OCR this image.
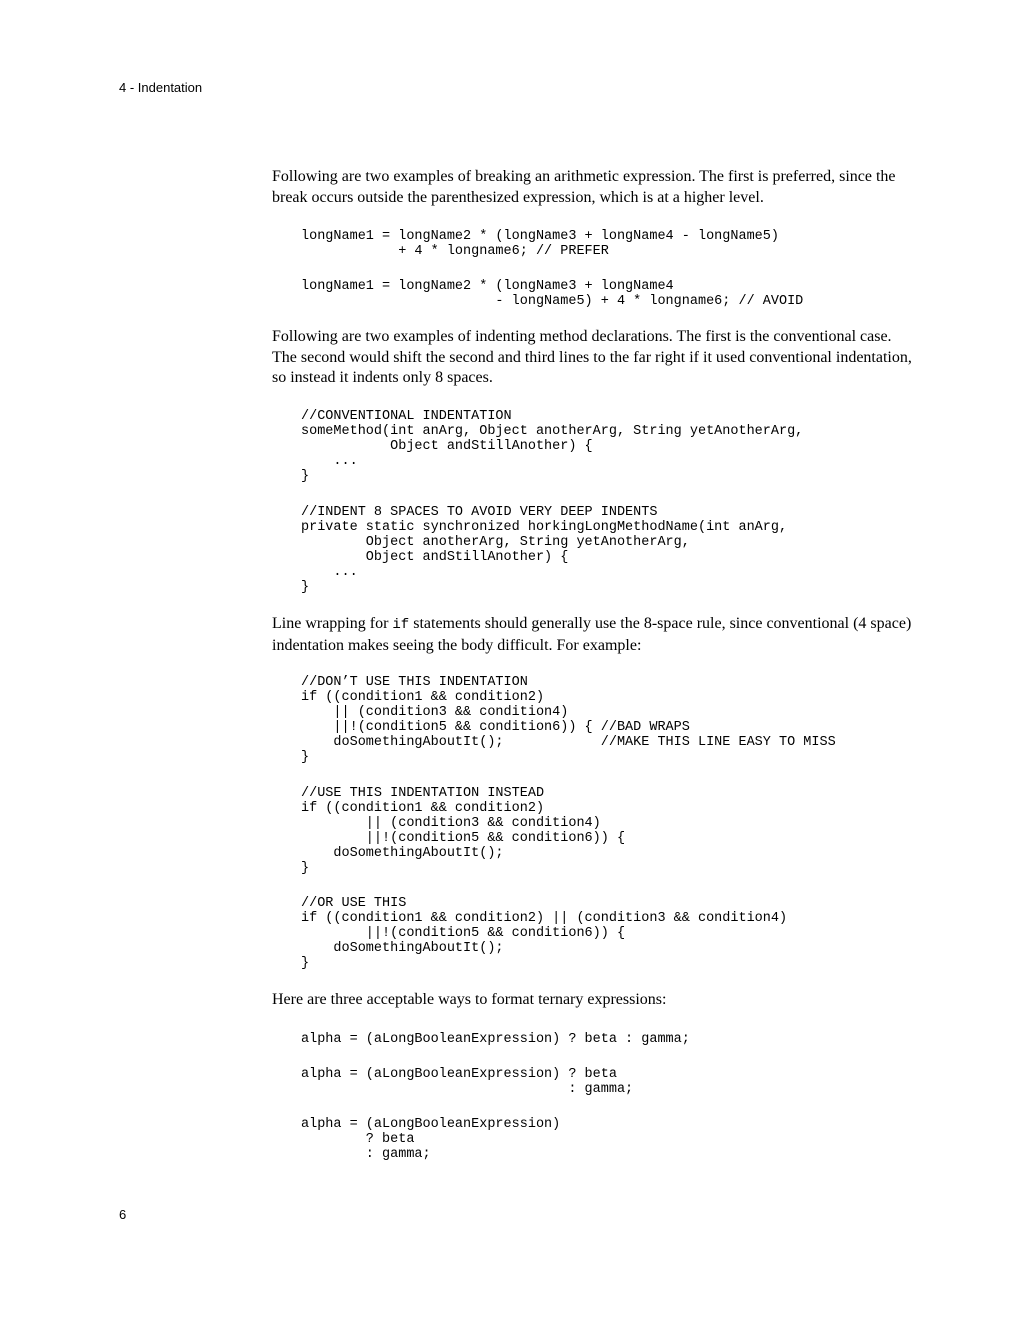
4 - Indentation

Following are two examples of breaking an arithmetic expression. The first is preferred, since the break occurs outside the parenthesized expression, which is at a higher level.

longName1 = longName2 * (longName3 + longName4 - longName5)
+ 4 * longname6; // PREFER
longName1 = longName2 * (longName3 + longName4
- longName5) + 4 * longname6; // AVOID

Following are two examples of indenting method declarations. The first is the conventional case. The second would shift the second and third lines to the far right if it used conventional indentation, so instead it indents only 8 spaces.

//CONVENTIONAL INDENTATION
someMethod(int anArg, Object anotherArg, String yetAnotherArg,
Object andStillAnother) {
...
}
//INDENT 8 SPACES TO AVOID VERY DEEP INDENTS
private static synchronized horkingLongMethodName(int anArg,
Object anotherArg, String yetAnotherArg,
Object andStillAnother) {
...
}

Line wrapping for if statements should generally use the 8-space rule, since conventional (4 space) indentation makes seeing the body difficult. For example:

//DON’T USE THIS INDENTATION
if ((condition1 && condition2)
|| (condition3 && condition4)
||!(condition5 && condition6)) { //BAD WRAPS
doSomethingAboutIt();            //MAKE THIS LINE EASY TO MISS
}
//USE THIS INDENTATION INSTEAD
if ((condition1 && condition2)
|| (condition3 && condition4)
||!(condition5 && condition6)) {
doSomethingAboutIt();
}
//OR USE THIS
if ((condition1 && condition2) || (condition3 && condition4)
||!(condition5 && condition6)) {
doSomethingAboutIt();
}

Here are three acceptable ways to format ternary expressions:

alpha = (aLongBooleanExpression) ? beta : gamma;
alpha = (aLongBooleanExpression) ? beta
: gamma;
alpha = (aLongBooleanExpression)
? beta
: gamma;
6
